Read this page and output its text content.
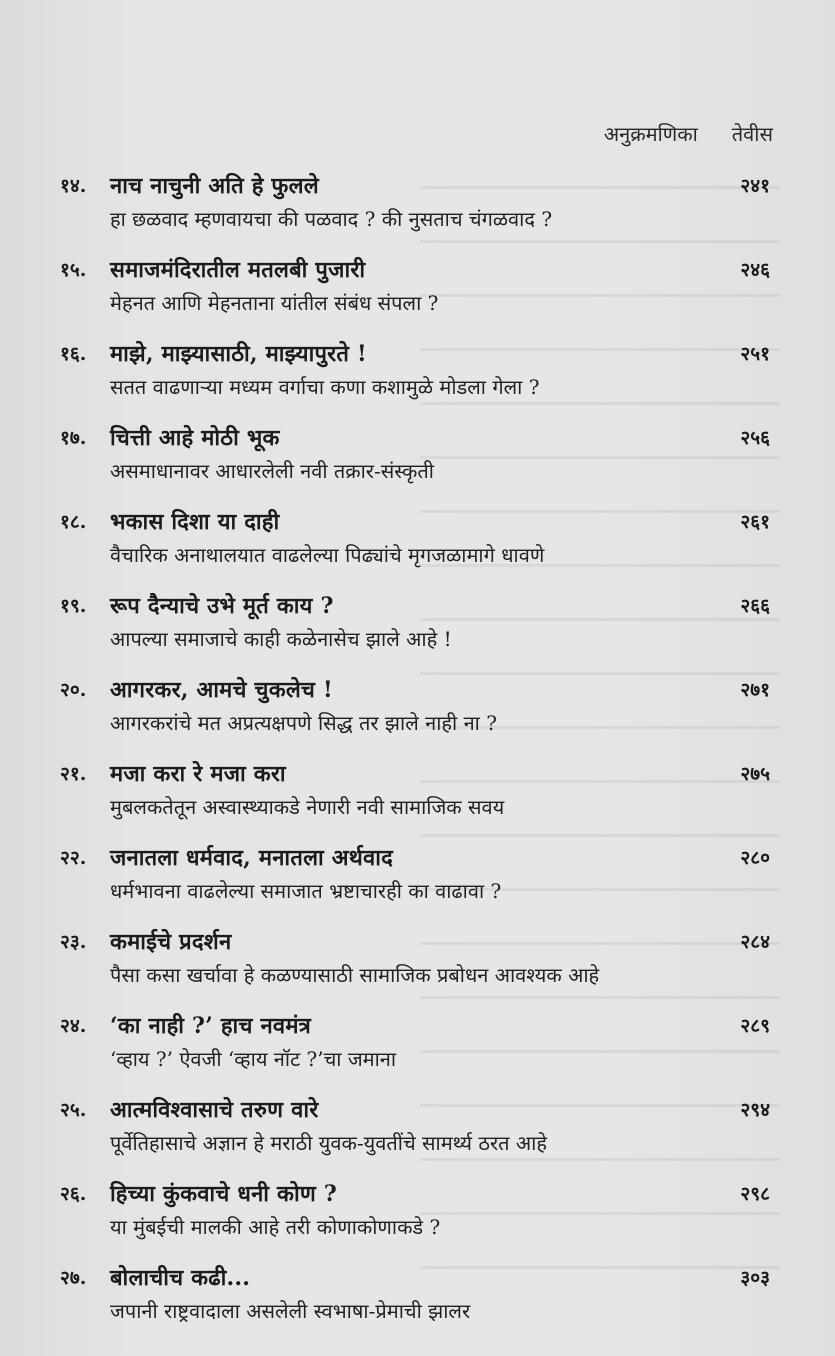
अनुक्रमणिका तेवीस
१४.	नाच नाचुनी अति हे फुलले	२४१
हा छळवाद म्हणवायचा की पळवाद ? की नुसताच चंगळवाद ?
१५.	समाजमंदिरातील मतलबी पुजारी	२४६
मेहनत आणि मेहनताना यांतील संबंध संपला ?
१६.	माझे, माझ्यासाठी, माझ्यापुरते !	२५१
सतत वाढणाऱ्या मध्यम वर्गाचा कणा कशामुळे मोडला गेला ?
१७.	चित्ती आहे मोठी भूक	२५६
असमाधानावर आधारलेली नवी तक्रार-संस्कृती
१८.	भकास दिशा या दाही	२६१
वैचारिक अनाथालयात वाढलेल्या पिढ्यांचे मृगजळामागे धावणे
१९.	रूप दैन्याचे उभे मूर्त काय ?	२६६
आपल्या समाजाचे काही कळेनासेच झाले आहे !
२०.	आगरकर, आमचे चुकलेच !	२७१
आगरकरांचे मत अप्रत्यक्षपणे सिद्ध तर झाले नाही ना ?
२१.	मजा करा रे मजा करा	२७५
मुबलकतेतून अस्वास्थ्याकडे नेणारी नवी सामाजिक सवय
२२.	जनातला धर्मवाद, मनातला अर्थवाद	२८०
धर्मभावना वाढलेल्या समाजात भ्रष्टाचारही का वाढावा ?
२३.	कमाईचे प्रदर्शन	२८४
पैसा कसा खर्चावा हे कळण्यासाठी सामाजिक प्रबोधन आवश्यक आहे
२४.	‘का नाही ?’ हाच नवमंत्र	२८९
‘व्हाय ?’ ऐवजी ‘व्हाय नॉट ?’चा जमाना
२५.	आत्मविश्वासाचे तरुण वारे	२९४
पूर्वेतिहासाचे अज्ञान हे मराठी युवक-युवतींचे सामर्थ्य ठरत आहे
२६.	हिच्या कुंकवाचे धनी कोण ?	२९८
या मुंबईची मालकी आहे तरी कोणाकोणाकडे ?
२७.	बोलाचीच कढी...	३०३
जपानी राष्ट्रवादाला असलेली स्वभाषा-प्रेमाची झालर
